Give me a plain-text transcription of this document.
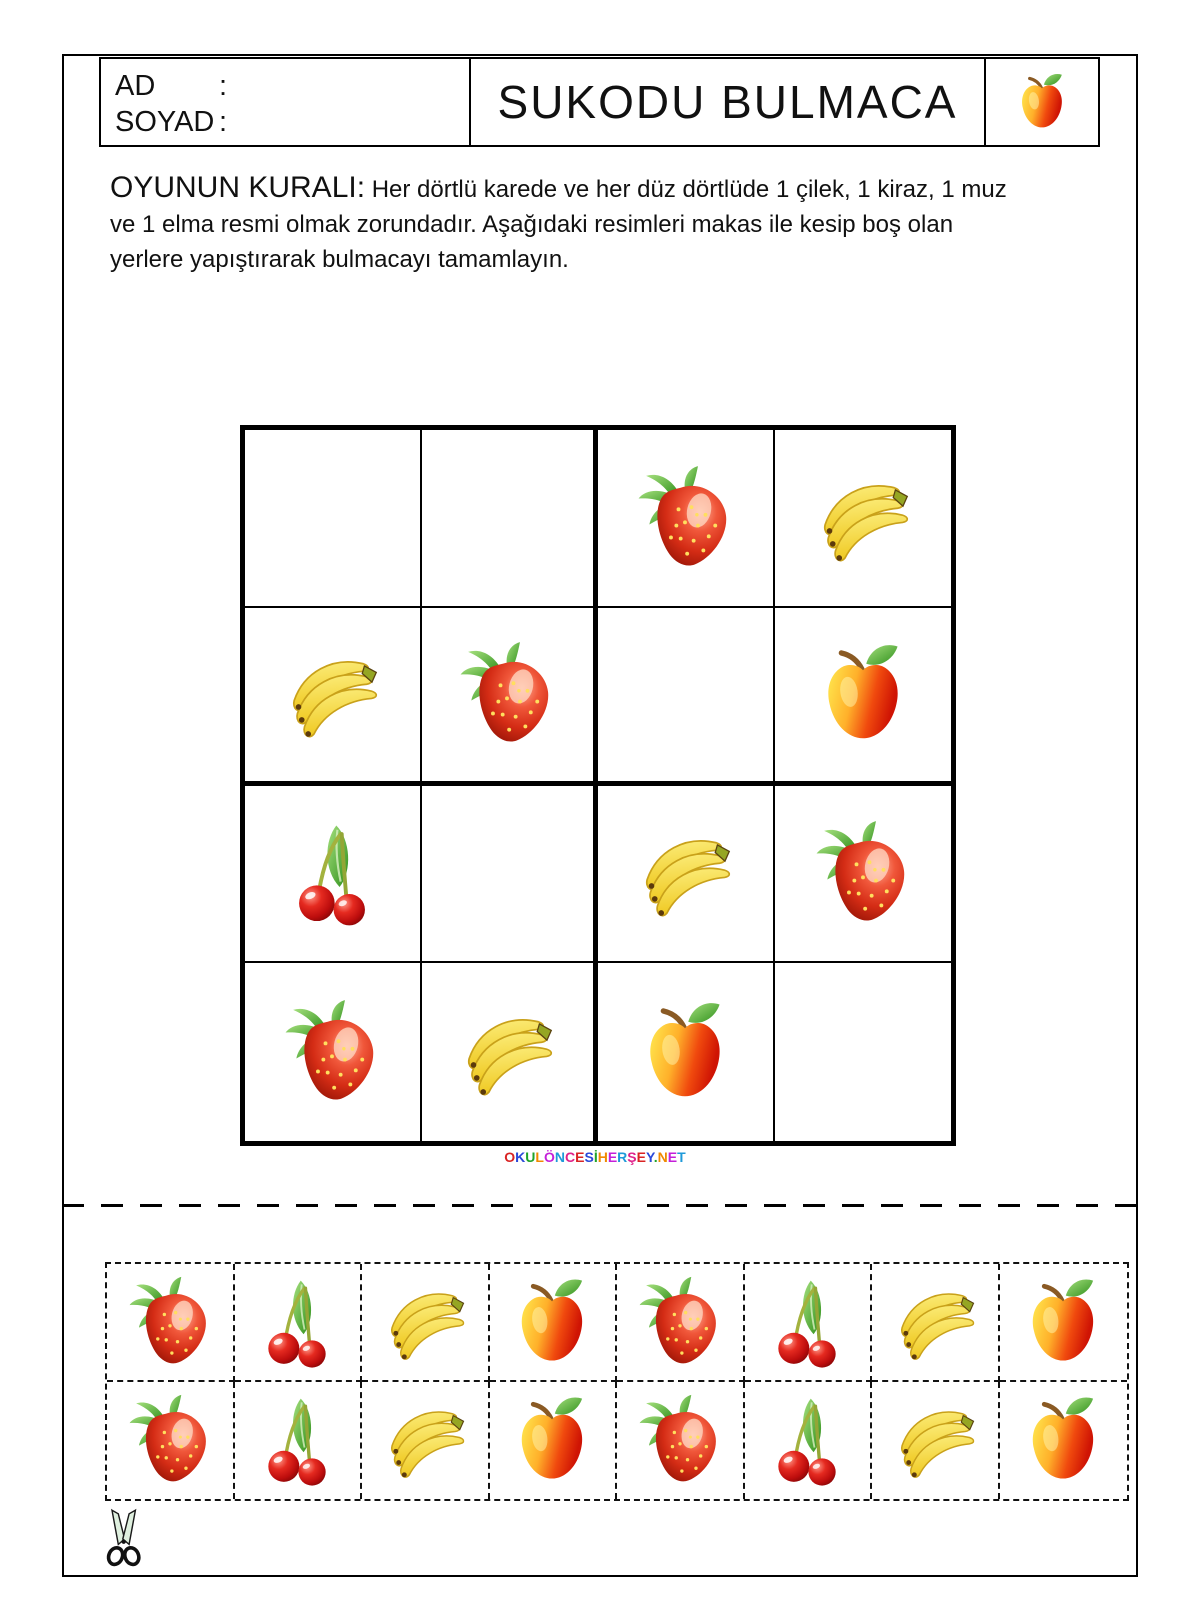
AD	:
SOYAD :	SUKODU BULMACA
OYUNUN KURALI: Her dörtlü karede ve her düz dörtlüde 1 çilek, 1 kiraz, 1 muz ve 1 elma resmi olmak zorundadır. Aşağıdaki resimleri makas ile kesip boş olan yerlere yapıştırarak bulmacayı tamamlayın.
OKULÖNCESİHERŞEY.NET
